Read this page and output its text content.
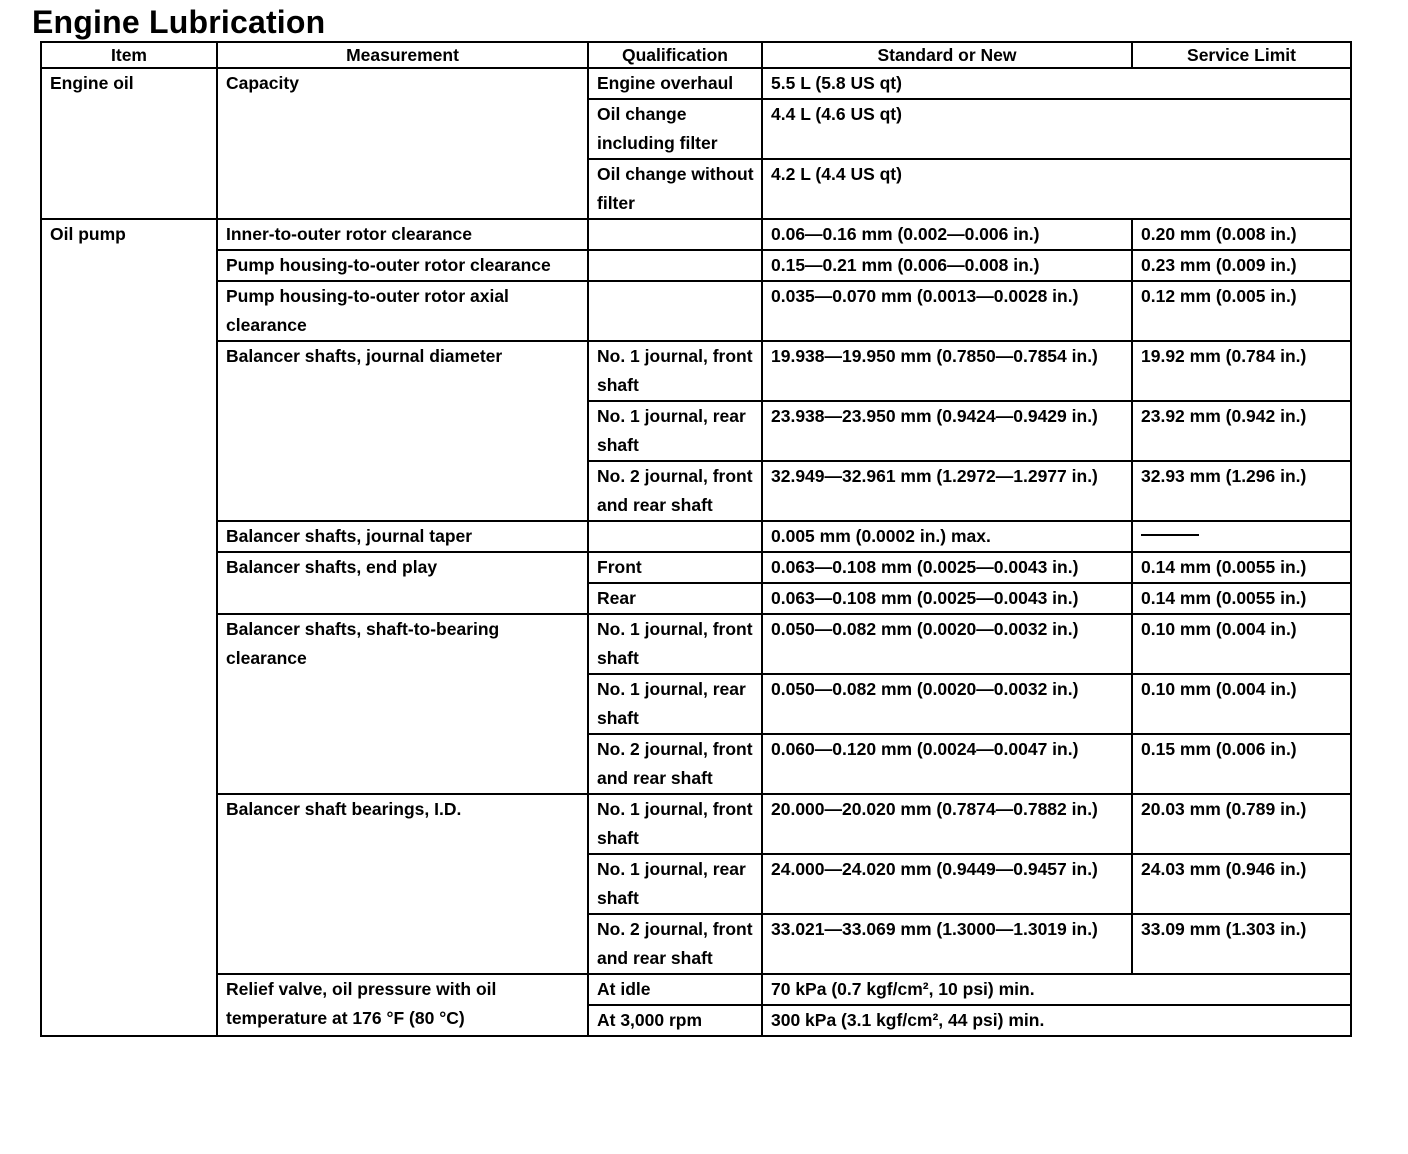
Engine Lubrication
Item	Measurement	Qualification	Standard or New	Service Limit
Engine oil	Capacity	Engine overhaul	5.5 L (5.8 US qt)	
		Oil change including filter	4.4 L (4.6 US qt)	
		Oil change without filter	4.2 L (4.4 US qt)	
Oil pump	Inner-to-outer rotor clearance		0.06—0.16 mm (0.002—0.006 in.)	0.20 mm (0.008 in.)
	Pump housing-to-outer rotor clearance		0.15—0.21 mm (0.006—0.008 in.)	0.23 mm (0.009 in.)
	Pump housing-to-outer rotor axial clearance		0.035—0.070 mm (0.0013—0.0028 in.)	0.12 mm (0.005 in.)
	Balancer shafts, journal diameter	No. 1 journal, front shaft	19.938—19.950 mm (0.7850—0.7854 in.)	19.92 mm (0.784 in.)
		No. 1 journal, rear shaft	23.938—23.950 mm (0.9424—0.9429 in.)	23.92 mm (0.942 in.)
		No. 2 journal, front and rear shaft	32.949—32.961 mm (1.2972—1.2977 in.)	32.93 mm (1.296 in.)
	Balancer shafts, journal taper		0.005 mm (0.0002 in.) max.	
	Balancer shafts, end play	Front	0.063—0.108 mm (0.0025—0.0043 in.)	0.14 mm (0.0055 in.)
		Rear	0.063—0.108 mm (0.0025—0.0043 in.)	0.14 mm (0.0055 in.)
	Balancer shafts, shaft-to-bearing clearance	No. 1 journal, front shaft	0.050—0.082 mm (0.0020—0.0032 in.)	0.10 mm (0.004 in.)
		No. 1 journal, rear shaft	0.050—0.082 mm (0.0020—0.0032 in.)	0.10 mm (0.004 in.)
		No. 2 journal, front and rear shaft	0.060—0.120 mm (0.0024—0.0047 in.)	0.15 mm (0.006 in.)
	Balancer shaft bearings, I.D.	No. 1 journal, front shaft	20.000—20.020 mm (0.7874—0.7882 in.)	20.03 mm (0.789 in.)
		No. 1 journal, rear shaft	24.000—24.020 mm (0.9449—0.9457 in.)	24.03 mm (0.946 in.)
		No. 2 journal, front and rear shaft	33.021—33.069 mm (1.3000—1.3019 in.)	33.09 mm (1.303 in.)
	Relief valve, oil pressure with oil temperature at 176 °F (80 °C)	At idle	70 kPa (0.7 kgf/cm², 10 psi) min.	
		At 3,000 rpm	300 kPa (3.1 kgf/cm², 44 psi) min.	
